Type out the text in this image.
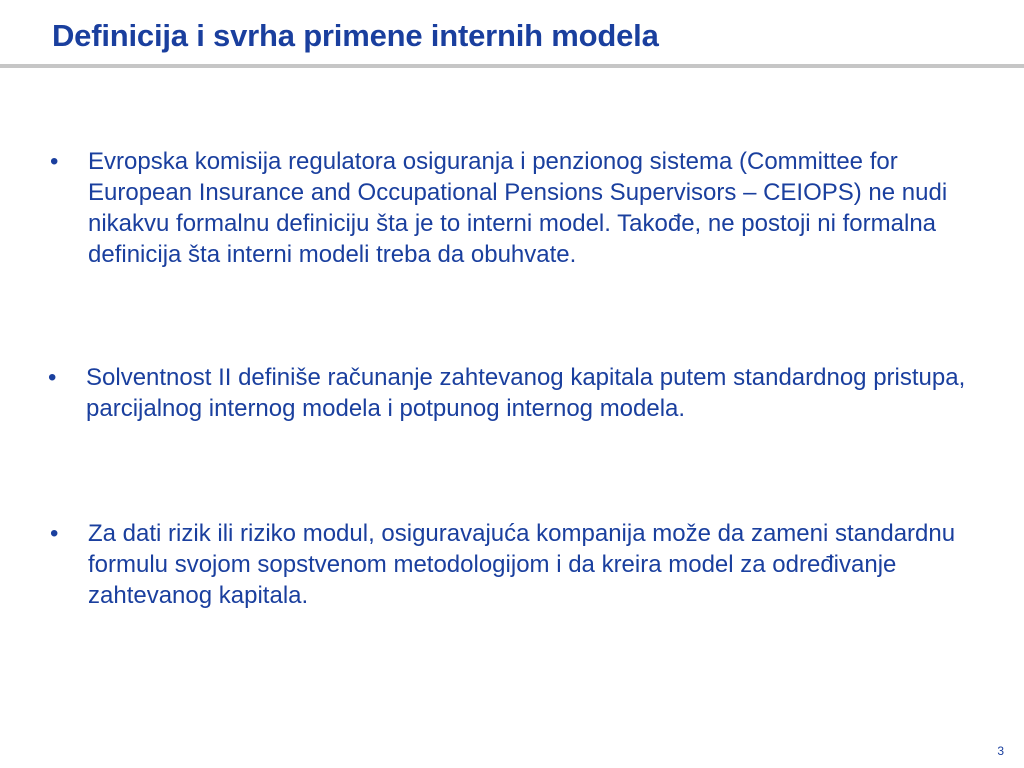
Definicija i svrha primene internih modela
• Evropska komisija regulatora osiguranja i penzionog sistema (Committee for European Insurance and Occupational Pensions Supervisors – CEIOPS) ne nudi nikakvu formalnu definiciju šta je to interni model. Takođe, ne postoji ni formalna definicija šta interni modeli treba da obuhvate.
• Solventnost II definiše računanje zahtevanog kapitala putem standardnog pristupa, parcijalnog internog modela i potpunog internog modela.
• Za dati rizik ili riziko modul, osiguravajuća kompanija može da zameni standardnu formulu svojom sopstvenom metodologijom i da kreira model za određivanje zahtevanog kapitala.
3
